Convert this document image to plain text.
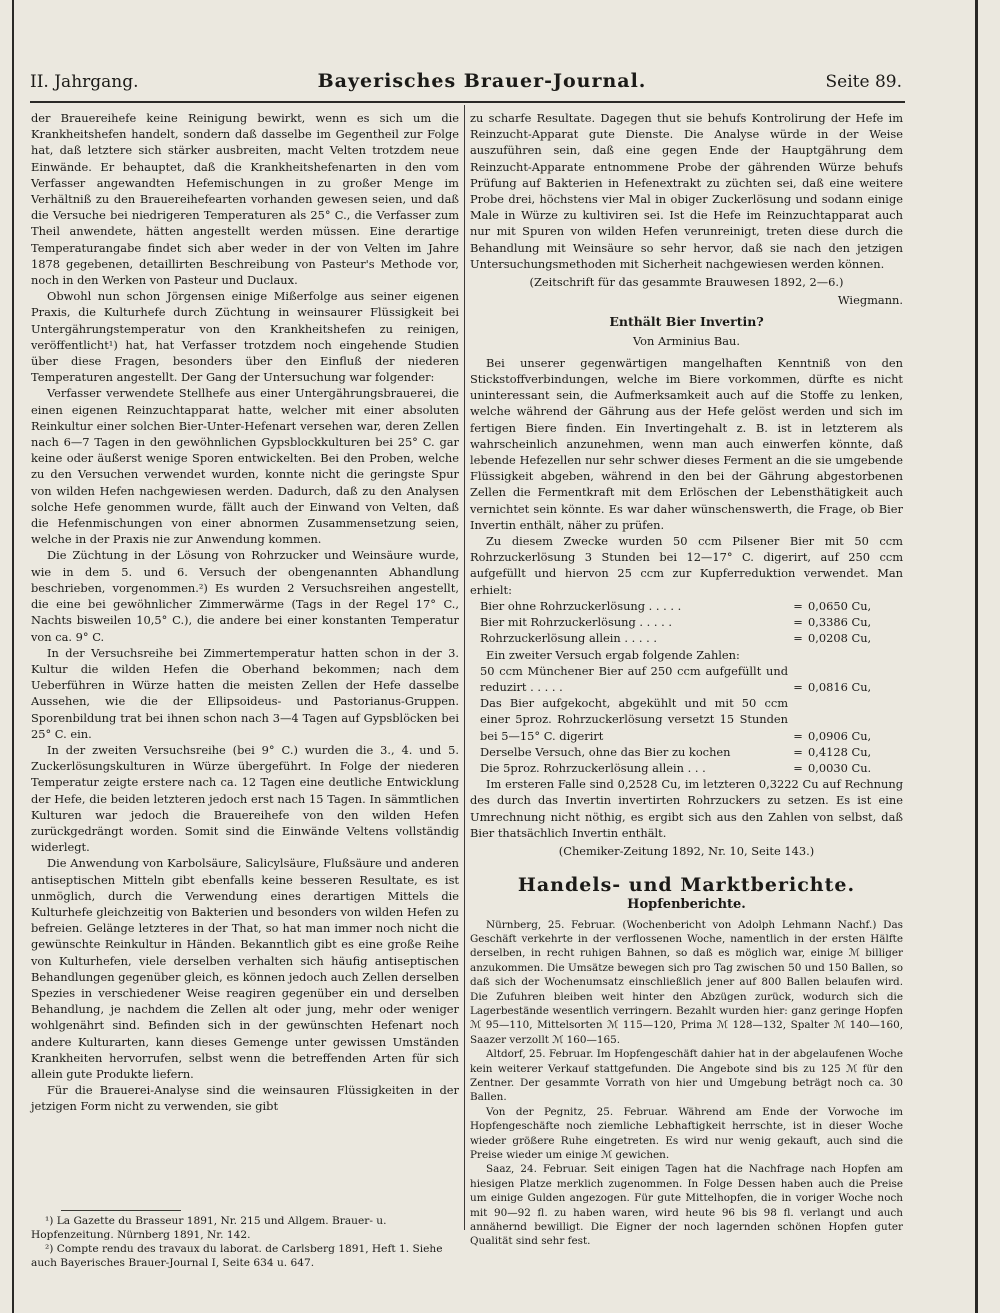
II. Jahrgang.	Bayerisches Brauer-Journal.	Seite 89.

der Brauereihefe keine Reinigung bewirkt, wenn es sich um die Krankheitshefen handelt, sondern daß dasselbe im Gegentheil zur Folge hat, daß letztere sich stärker ausbreiten, macht Velten trotzdem neue Einwände. Er behauptet, daß die Krankheitshefenarten in den vom Verfasser angewandten Hefemischungen in zu großer Menge im Verhältniß zu den Brauereihefearten vorhanden gewesen seien, und daß die Versuche bei niedrigeren Temperaturen als 25° C., die Verfasser zum Theil anwendete, hätten angestellt werden müssen. Eine derartige Temperaturangabe findet sich aber weder in der von Velten im Jahre 1878 gegebenen, detaillirten Beschreibung von Pasteur's Methode vor, noch in den Werken von Pasteur und Duclaux.

Obwohl nun schon Jörgensen einige Mißerfolge aus seiner eigenen Praxis, die Kulturhefe durch Züchtung in weinsaurer Flüssigkeit bei Untergährungstemperatur von den Krankheitshefen zu reinigen, veröffentlicht¹) hat, hat Verfasser trotzdem noch eingehende Studien über diese Fragen, besonders über den Einfluß der niederen Temperaturen angestellt. Der Gang der Untersuchung war folgender:

Verfasser verwendete Stellhefe aus einer Untergährungsbrauerei, die einen eigenen Reinzuchtapparat hatte, welcher mit einer absoluten Reinkultur einer solchen Bier-Unter-Hefenart versehen war, deren Zellen nach 6—7 Tagen in den gewöhnlichen Gypsblockkulturen bei 25° C. gar keine oder äußerst wenige Sporen entwickelten. Bei den Proben, welche zu den Versuchen verwendet wurden, konnte nicht die geringste Spur von wilden Hefen nachgewiesen werden. Dadurch, daß zu den Analysen solche Hefe genommen wurde, fällt auch der Einwand von Velten, daß die Hefenmischungen von einer abnormen Zusammensetzung seien, welche in der Praxis nie zur Anwendung kommen.

Die Züchtung in der Lösung von Rohrzucker und Weinsäure wurde, wie in dem 5. und 6. Versuch der obengenannten Abhandlung beschrieben, vorgenommen.²) Es wurden 2 Versuchsreihen angestellt, die eine bei gewöhnlicher Zimmerwärme (Tags in der Regel 17° C., Nachts bisweilen 10,5° C.), die andere bei einer konstanten Temperatur von ca. 9° C.

In der Versuchsreihe bei Zimmertemperatur hatten schon in der 3. Kultur die wilden Hefen die Oberhand bekommen; nach dem Ueberführen in Würze hatten die meisten Zellen der Hefe dasselbe Aussehen, wie die der Ellipsoideus- und Pastorianus-Gruppen. Sporenbildung trat bei ihnen schon nach 3—4 Tagen auf Gypsblöcken bei 25° C. ein.

In der zweiten Versuchsreihe (bei 9° C.) wurden die 3., 4. und 5. Zuckerlösungskulturen in Würze übergeführt. In Folge der niederen Temperatur zeigte erstere nach ca. 12 Tagen eine deutliche Entwicklung der Hefe, die beiden letzteren jedoch erst nach 15 Tagen. In sämmtlichen Kulturen war jedoch die Brauereihefe von den wilden Hefen zurückgedrängt worden. Somit sind die Einwände Veltens vollständig widerlegt.

Die Anwendung von Karbolsäure, Salicylsäure, Flußsäure und anderen antiseptischen Mitteln gibt ebenfalls keine besseren Resultate, es ist unmöglich, durch die Verwendung eines derartigen Mittels die Kulturhefe gleichzeitig von Bakterien und besonders von wilden Hefen zu befreien. Gelänge letzteres in der That, so hat man immer noch nicht die gewünschte Reinkultur in Händen. Bekanntlich gibt es eine große Reihe von Kulturhefen, viele derselben verhalten sich häufig antiseptischen Behandlungen gegenüber gleich, es können jedoch auch Zellen derselben Spezies in verschiedener Weise reagiren gegenüber ein und derselben Behandlung, je nachdem die Zellen alt oder jung, mehr oder weniger wohlgenährt sind. Befinden sich in der gewünschten Hefenart noch andere Kulturarten, kann dieses Gemenge unter gewissen Umständen Krankheiten hervorrufen, selbst wenn die betreffenden Arten für sich allein gute Produkte liefern.

Für die Brauerei-Analyse sind die weinsauren Flüssigkeiten in der jetzigen Form nicht zu verwenden, sie gibt

¹) La Gazette du Brasseur 1891, Nr. 215 und Allgem. Brauer- u. Hopfenzeitung. Nürnberg 1891, Nr. 142.

²) Compte rendu des travaux du laborat. de Carlsberg 1891, Heft 1. Siehe auch Bayerisches Brauer-Journal I, Seite 634 u. 647.

zu scharfe Resultate. Dagegen thut sie behufs Kontrolirung der Hefe im Reinzucht-Apparat gute Dienste. Die Analyse würde in der Weise auszuführen sein, daß eine gegen Ende der Hauptgährung dem Reinzucht-Apparate entnommene Probe der gährenden Würze behufs Prüfung auf Bakterien in Hefenextrakt zu züchten sei, daß eine weitere Probe drei, höchstens vier Mal in obiger Zuckerlösung und sodann einige Male in Würze zu kultiviren sei. Ist die Hefe im Reinzuchtapparat auch nur mit Spuren von wilden Hefen verunreinigt, treten diese durch die Behandlung mit Weinsäure so sehr hervor, daß sie nach den jetzigen Untersuchungsmethoden mit Sicherheit nachgewiesen werden können.

(Zeitschrift für das gesammte Brauwesen 1892, 2—6.)
Wiegmann.
Enthält Bier Invertin?
Von Arminius Bau.

Bei unserer gegenwärtigen mangelhaften Kenntniß von den Stickstoffverbindungen, welche im Biere vorkommen, dürfte es nicht uninteressant sein, die Aufmerksamkeit auch auf die Stoffe zu lenken, welche während der Gährung aus der Hefe gelöst werden und sich im fertigen Biere finden. Ein Invertingehalt z. B. ist in letzterem als wahrscheinlich anzunehmen, wenn man auch einwerfen könnte, daß lebende Hefezellen nur sehr schwer dieses Ferment an die sie umgebende Flüssigkeit abgeben, während in den bei der Gährung abgestorbenen Zellen die Fermentkraft mit dem Erlöschen der Lebensthätigkeit auch vernichtet sein könnte. Es war daher wünschenswerth, die Frage, ob Bier Invertin enthält, näher zu prüfen.

Zu diesem Zwecke wurden 50 ccm Pilsener Bier mit 50 ccm Rohrzuckerlösung 3 Stunden bei 12—17° C. digerirt, auf 250 ccm aufgefüllt und hiervon 25 ccm zur Kupferreduktion verwendet. Man erhielt:

Bier ohne Rohrzuckerlösung . . . . .	=	0,0650 Cu,
Bier mit Rohrzuckerlösung . . . . .	=	0,3386 Cu,
Rohrzuckerlösung allein . . . . .	=	0,0208 Cu,

Ein zweiter Versuch ergab folgende Zahlen:

50 ccm Münchener Bier auf 250 ccm aufgefüllt und reduzirt . . . . .	=	0,0816 Cu,
Das Bier aufgekocht, abgekühlt und mit 50 ccm einer 5proz. Rohrzuckerlösung versetzt 15 Stunden bei 5—15° C. digerirt	=	0,0906 Cu,
Derselbe Versuch, ohne das Bier zu kochen	=	0,4128 Cu,
Die 5proz. Rohrzuckerlösung allein . . .	=	0,0030 Cu.

Im ersteren Falle sind 0,2528 Cu, im letzteren 0,3222 Cu auf Rechnung des durch das Invertin invertirten Rohrzuckers zu setzen. Es ist eine Umrechnung nicht nöthig, es ergibt sich aus den Zahlen von selbst, daß Bier thatsächlich Invertin enthält.

(Chemiker-Zeitung 1892, Nr. 10, Seite 143.)
Handels- und Marktberichte.
Hopfenberichte.

Nürnberg, 25. Februar. (Wochenbericht von Adolph Lehmann Nachf.) Das Geschäft verkehrte in der verflossenen Woche, namentlich in der ersten Hälfte derselben, in recht ruhigen Bahnen, so daß es möglich war, einige ℳ billiger anzukommen. Die Umsätze bewegen sich pro Tag zwischen 50 und 150 Ballen, so daß sich der Wochenumsatz einschließlich jener auf 800 Ballen belaufen wird. Die Zufuhren bleiben weit hinter den Abzügen zurück, wodurch sich die Lagerbestände wesentlich verringern. Bezahlt wurden hier: ganz geringe Hopfen ℳ 95—110, Mittelsorten ℳ 115—120, Prima ℳ 128—132, Spalter ℳ 140—160, Saazer verzollt ℳ 160—165.

Altdorf, 25. Februar. Im Hopfengeschäft dahier hat in der abgelaufenen Woche kein weiterer Verkauf stattgefunden. Die Angebote sind bis zu 125 ℳ für den Zentner. Der gesammte Vorrath von hier und Umgebung beträgt noch ca. 30 Ballen.

Von der Pegnitz, 25. Februar. Während am Ende der Vorwoche im Hopfengeschäfte noch ziemliche Lebhaftigkeit herrschte, ist in dieser Woche wieder größere Ruhe eingetreten. Es wird nur wenig gekauft, auch sind die Preise wieder um einige ℳ gewichen.

Saaz, 24. Februar. Seit einigen Tagen hat die Nachfrage nach Hopfen am hiesigen Platze merklich zugenommen. In Folge Dessen haben auch die Preise um einige Gulden angezogen. Für gute Mittelhopfen, die in voriger Woche noch mit 90—92 fl. zu haben waren, wird heute 96 bis 98 fl. verlangt und auch annähernd bewilligt. Die Eigner der noch lagernden schönen Hopfen guter Qualität sind sehr fest.
